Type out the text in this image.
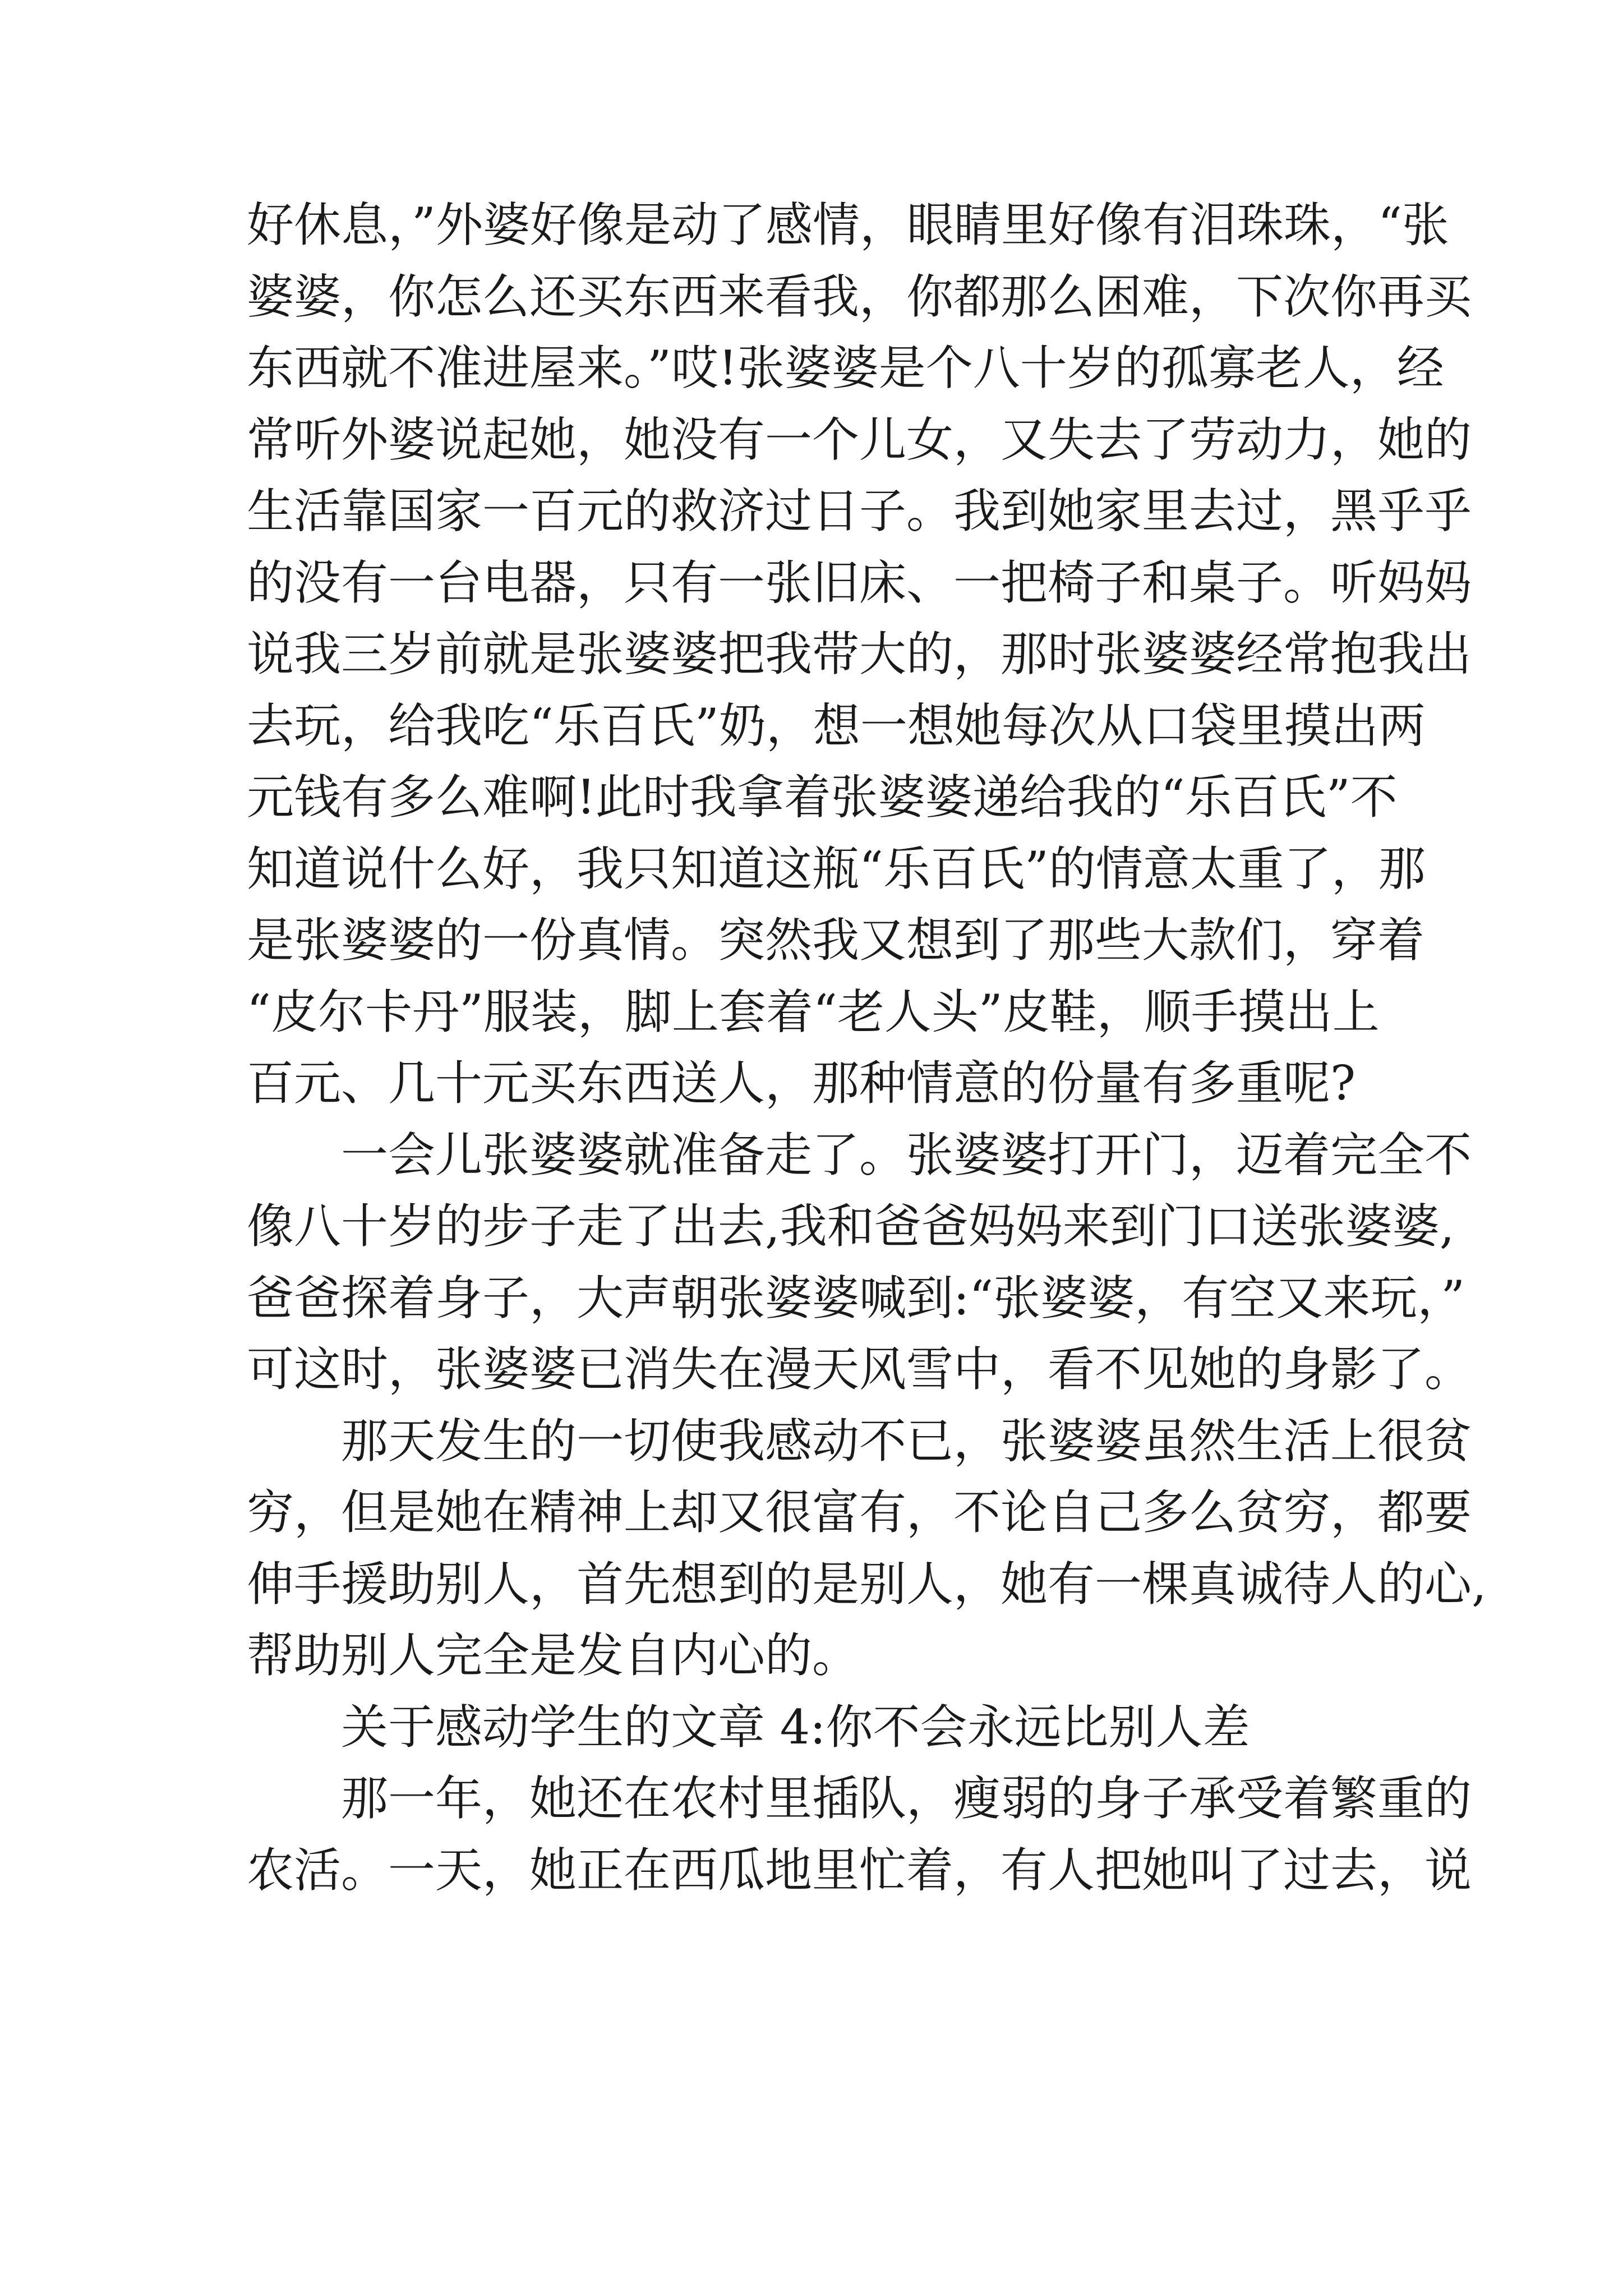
好休息，”外婆好像是动了感情，眼睛里好像有泪珠珠，“张
婆婆，你怎么还买东西来看我，你都那么困难，下次你再买
东西就不准进屋来。”哎!张婆婆是个八十岁的孤寡老人，经
常听外婆说起她，她没有一个儿女，又失去了劳动力，她的
生活靠国家一百元的救济过日子。我到她家里去过，黑乎乎
的没有一台电器，只有一张旧床、一把椅子和桌子。听妈妈
说我三岁前就是张婆婆把我带大的，那时张婆婆经常抱我出
去玩，给我吃“乐百氏”奶，想一想她每次从口袋里摸出两
元钱有多么难啊!此时我拿着张婆婆递给我的“乐百氏”不
知道说什么好，我只知道这瓶“乐百氏”的情意太重了，那
是张婆婆的一份真情。突然我又想到了那些大款们，穿着
“皮尔卡丹”服装，脚上套着“老人头”皮鞋，顺手摸出上
百元、几十元买东西送人，那种情意的份量有多重呢?
　　一会儿张婆婆就准备走了。张婆婆打开门，迈着完全不
像八十岁的步子走了出去,我和爸爸妈妈来到门口送张婆婆,
爸爸探着身子，大声朝张婆婆喊到:“张婆婆，有空又来玩，”
可这时，张婆婆已消失在漫天风雪中，看不见她的身影了。
　　那天发生的一切使我感动不已，张婆婆虽然生活上很贫
穷，但是她在精神上却又很富有，不论自己多么贫穷，都要
伸手援助别人，首先想到的是别人，她有一棵真诚待人的心,
帮助别人完全是发自内心的。
　　关于感动学生的文章 4:你不会永远比别人差
　　那一年，她还在农村里插队，瘦弱的身子承受着繁重的
农活。一天，她正在西瓜地里忙着，有人把她叫了过去，说
